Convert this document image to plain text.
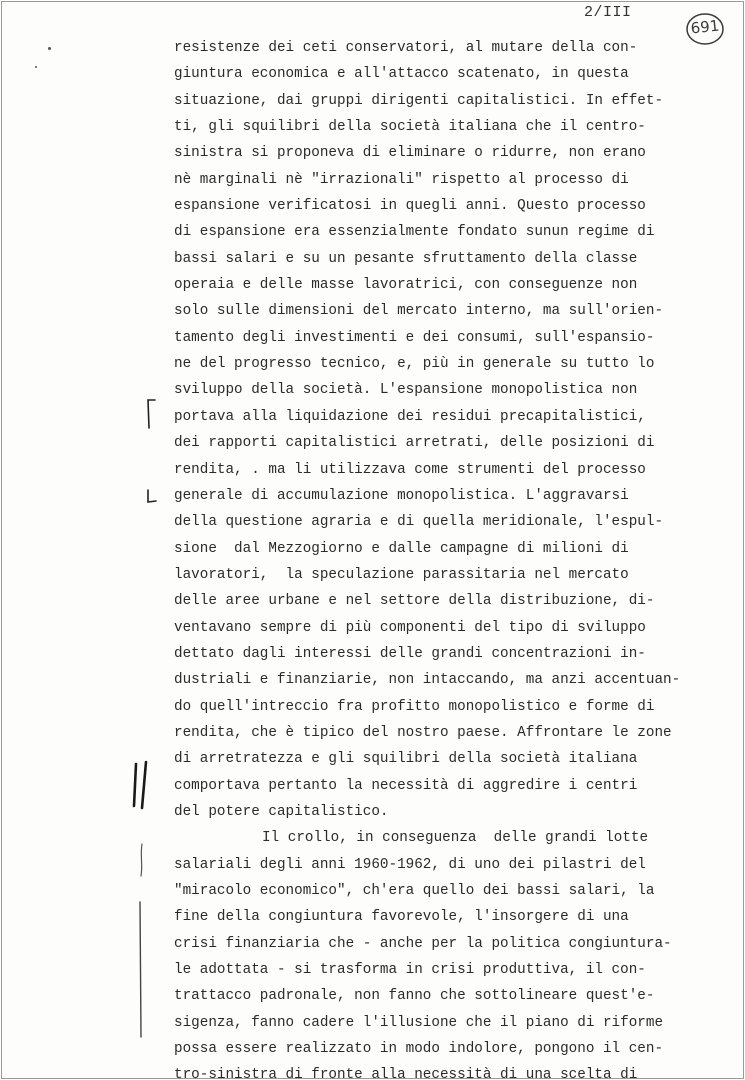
2/III
691
resistenze dei ceti conservatori, al mutare della con-
giuntura economica e all'attacco scatenato, in questa
situazione, dai gruppi dirigenti capitalistici. In effet-
ti, gli squilibri della società italiana che il centro-
sinistra si proponeva di eliminare o ridurre, non erano
nè marginali nè "irrazionali" rispetto al processo di
espansione verificatosi in quegli anni. Questo processo
di espansione era essenzialmente fondato sunun regime di
bassi salari e su un pesante sfruttamento della classe
operaia e delle masse lavoratrici, con conseguenze non
solo sulle dimensioni del mercato interno, ma sull'orien-
tamento degli investimenti e dei consumi, sull'espansio-
ne del progresso tecnico, e, più in generale su tutto lo
sviluppo della società. L'espansione monopolistica non
portava alla liquidazione dei residui precapitalistici,
dei rapporti capitalistici arretrati, delle posizioni di
rendita, . ma li utilizzava come strumenti del processo
generale di accumulazione monopolistica. L'aggravarsi
della questione agraria e di quella meridionale, l'espul-
sione  dal Mezzogiorno e dalle campagne di milioni di
lavoratori,  la speculazione parassitaria nel mercato
delle aree urbane e nel settore della distribuzione, di-
ventavano sempre di più componenti del tipo di sviluppo
dettato dagli interessi delle grandi concentrazioni in-
dustriali e finanziarie, non intaccando, ma anzi accentuan-
do quell'intreccio fra profitto monopolistico e forme di
rendita, che è tipico del nostro paese. Affrontare le zone
di arretratezza e gli squilibri della società italiana
comportava pertanto la necessità di aggredire i centri
del potere capitalistico.
Il crollo, in conseguenza  delle grandi lotte
salariali degli anni 1960-1962, di uno dei pilastri del
"miracolo economico", ch'era quello dei bassi salari, la
fine della congiuntura favorevole, l'insorgere di una
crisi finanziaria che - anche per la politica congiuntura-
le adottata - si trasforma in crisi produttiva, il con-
trattacco padronale, non fanno che sottolineare quest'e-
sigenza, fanno cadere l'illusione che il piano di riforme
possa essere realizzato in modo indolore, pongono il cen-
tro-sinistra di fronte alla necessità di una scelta di
